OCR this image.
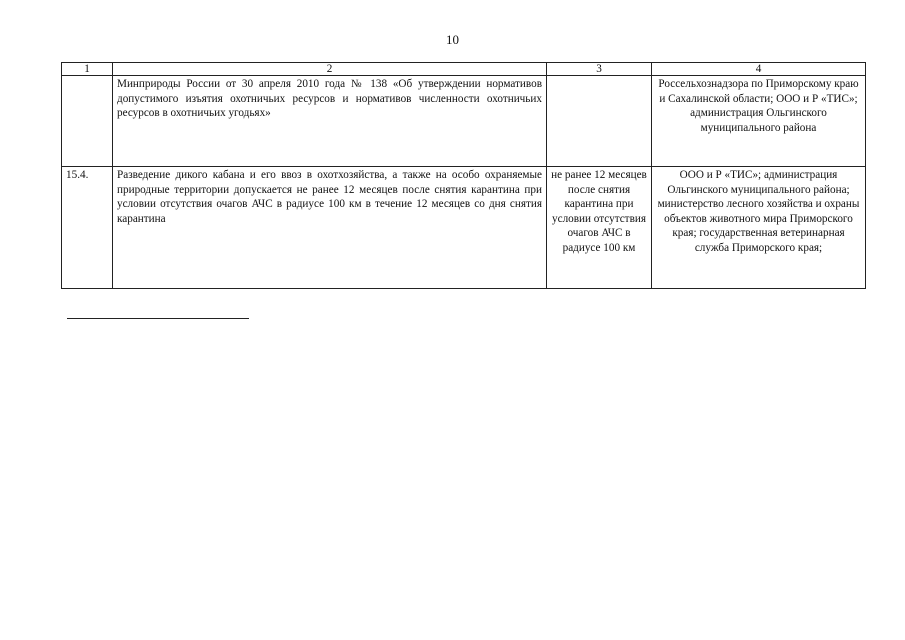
10
1	2	3	4
	Минприроды России от 30 апреля 2010 года № 138 «Об утверждении нормативов допустимого изъятия охотничьих ресурсов и нормативов численности охотничьих ресурсов в охотничьих угодьях»		Россельхознадзора по Приморскому краю и Сахалинской области; ООО и Р «ТИС»; администрация Ольгинского муниципального района
15.4.	Разведение дикого кабана и его ввоз в охотхозяйства, а также на особо охраняемые природные территории допускается не ранее 12 месяцев после снятия карантина при условии отсутствия очагов АЧС в радиусе 100 км в течение 12 месяцев со дня снятия карантина	не ранее 12 месяцев после снятия карантина при условии отсутствия очагов АЧС в радиусе 100 км	ООО и Р «ТИС»; администрация Ольгинского муниципального района; министерство лесного хозяйства и охраны объектов животного мира Приморского края; государственная ветеринарная служба Приморского края;
